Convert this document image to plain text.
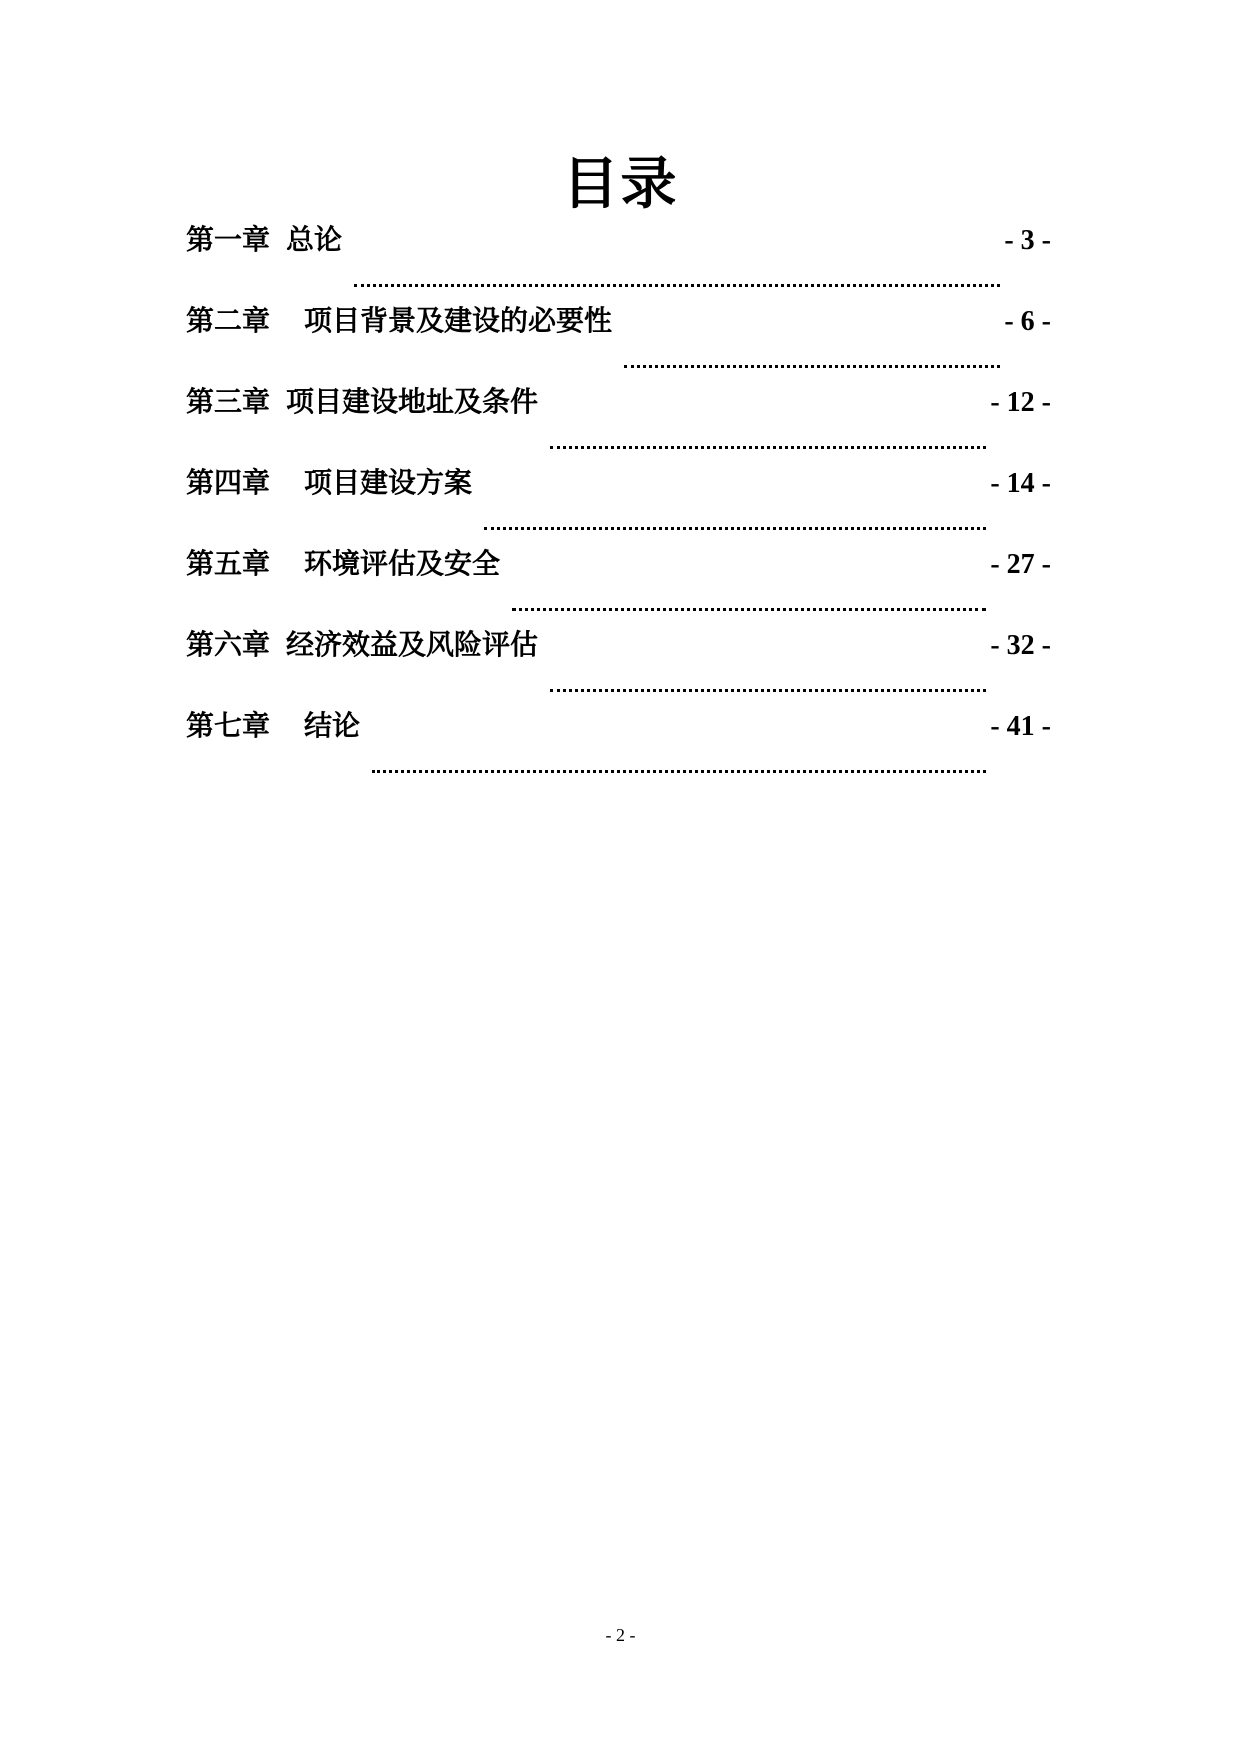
目录
第一章 总论	- 3 -
第二章 项目背景及建设的必要性	- 6 -
第三章 项目建设地址及条件	- 12 -
第四章 项目建设方案	- 14 -
第五章 环境评估及安全	- 27 -
第六章 经济效益及风险评估	- 32 -
第七章 结论	- 41 -
- 2 -
